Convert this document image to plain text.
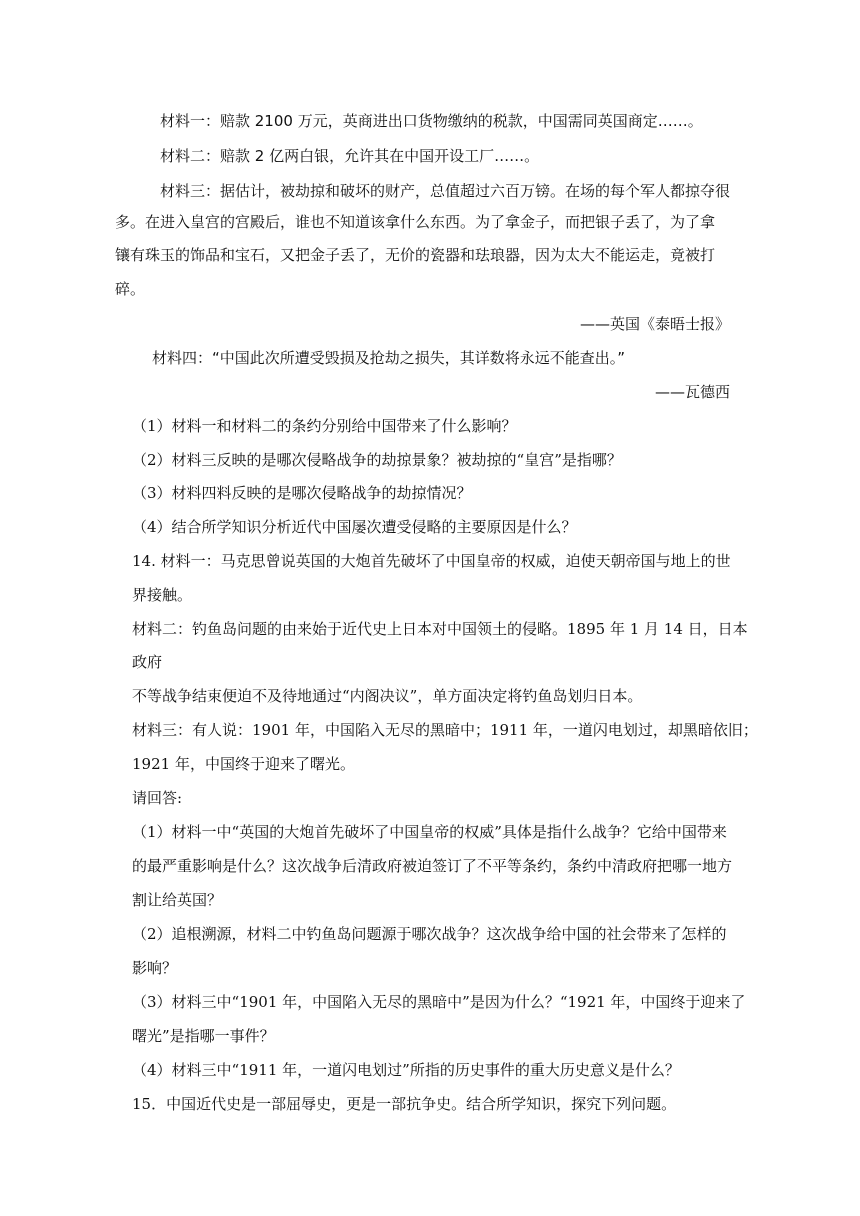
材料一：赔款 2100 万元，英商进出口货物缴纳的税款，中国需同英国商定……。
材料二：赔款 2 亿两白银，允许其在中国开设工厂……。
材料三：据估计，被劫掠和破坏的财产，总值超过六百万镑。在场的每个军人都掠夺很
多。在进入皇宫的宫殿后，谁也不知道该拿什么东西。为了拿金子，而把银子丢了，为了拿
镶有珠玉的饰品和宝石，又把金子丢了，无价的瓷器和珐琅器，因为太大不能运走，竟被打
碎。
——英国《泰晤士报》
材料四：“中国此次所遭受毁损及抢劫之损失，其详数将永远不能查出。”
——瓦德西
（1）材料一和材料二的条约分别给中国带来了什么影响？
（2）材料三反映的是哪次侵略战争的劫掠景象？被劫掠的“皇宫”是指哪？
（3）材料四料反映的是哪次侵略战争的劫掠情况？
（4）结合所学知识分析近代中国屡次遭受侵略的主要原因是什么？
14. 材料一：马克思曾说英国的大炮首先破坏了中国皇帝的权威，迫使天朝帝国与地上的世
界接触。
材料二：钓鱼岛问题的由来始于近代史上日本对中国领土的侵略。1895 年 1 月 14 日，日本
政府
不等战争结束便迫不及待地通过“内阁决议”，单方面决定将钓鱼岛划归日本。
材料三：有人说：1901 年，中国陷入无尽的黑暗中；1911 年，一道闪电划过，却黑暗依旧；
1921 年，中国终于迎来了曙光。
请回答:
（1）材料一中“英国的大炮首先破坏了中国皇帝的权威”具体是指什么战争？它给中国带来
的最严重影响是什么？这次战争后清政府被迫签订了不平等条约，条约中清政府把哪一地方
割让给英国？
（2）追根溯源，材料二中钓鱼岛问题源于哪次战争？这次战争给中国的社会带来了怎样的
影响？
（3）材料三中“1901 年，中国陷入无尽的黑暗中”是因为什么？“1921 年，中国终于迎来了
曙光”是指哪一事件？
（4）材料三中“1911 年，一道闪电划过”所指的历史事件的重大历史意义是什么？
15．中国近代史是一部屈辱史，更是一部抗争史。结合所学知识，探究下列问题。
